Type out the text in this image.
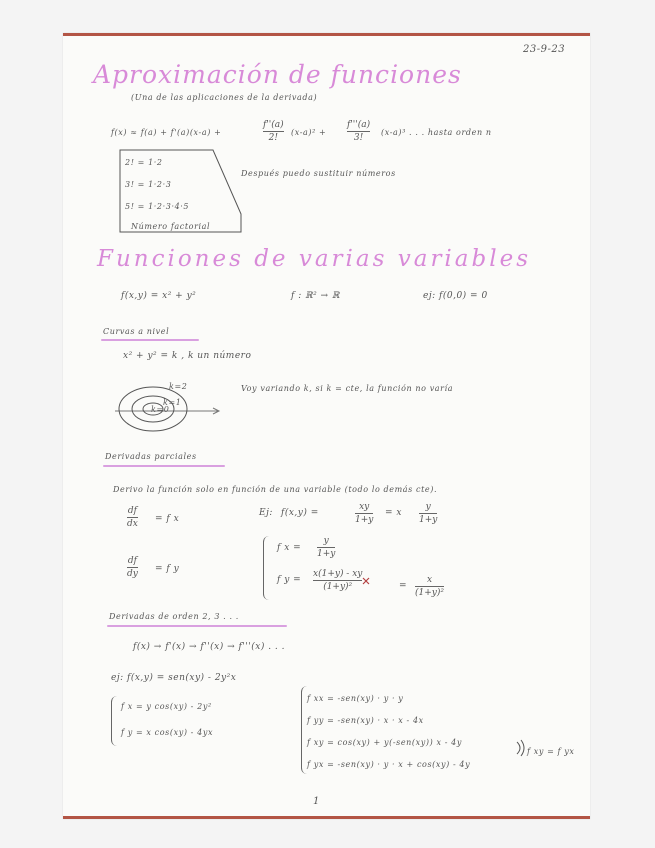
23-9-23
Aproximación de funciones
(Una de las aplicaciones de la derivada)
f(x) ≈ f(a) + f'(a)(x-a) +
f''(a)
2!
(x-a)² +
f'''(a)
3!
(x-a)³ . . . hasta orden n
2! = 1·2
3! = 1·2·3
5! = 1·2·3·4·5
Número factorial
Después puedo sustituir números
Funciones de varias variables
f(x,y) = x² + y²	f : ℝ² → ℝ	ej: f(0,0) = 0
Curvas a nivel
x² + y² = k , k un número
k=2
k=1
k=0
Voy variando k, si k = cte, la función no varía
Derivadas parciales
Derivo la función solo en función de una variable (todo lo demás cte).
df
dx = f x
df
dy = f y
Ej: f(x,y) =
xy
1+y
= x
y
1+y
f x =
y
1+y
f y =
x(1+y) - xy
(1+y)²	=
x
(1+y)²
Derivadas de orden 2, 3 . . .
f(x) → f'(x) → f''(x) → f'''(x) . . .
ej: f(x,y) = sen(xy) - 2y²x
f x = y cos(xy) - 2y²
f y = x cos(xy) - 4yx
f xx = -sen(xy) · y · y
f yy = -sen(xy) · x · x - 4x
f xy = cos(xy) + y(-sen(xy)) x - 4y
f yx = -sen(xy) · y · x + cos(xy) - 4y
f xy = f yx
1
